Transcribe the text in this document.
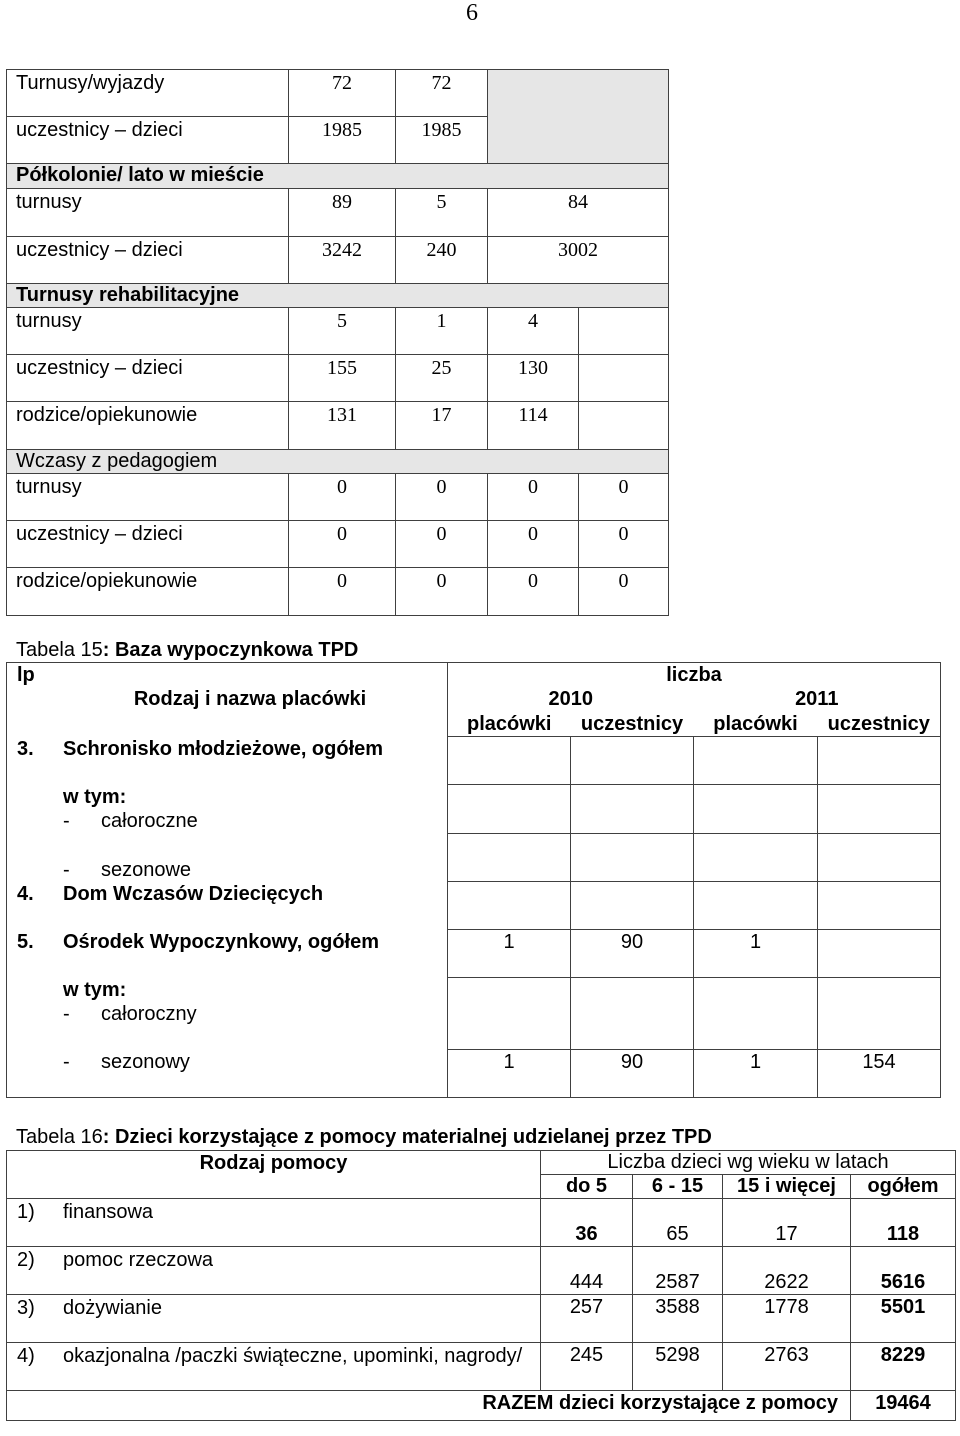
6
Turnusy/wyjazdy	72	72		
uczestnicy – dzieci	1985	1985		
Półkolonie/ lato w mieście				
turnusy	89	5	84	
uczestnicy – dzieci	3242	240	3002	
Turnusy rehabilitacyjne				
turnusy	5	1	4	
uczestnicy – dzieci	155	25	130	
rodzice/opiekunowie	131	17	114	
Wczasy z pedagogiem				
turnusy	0	0	0	0
uczestnicy – dzieci	0	0	0	0
rodzice/opiekunowie	0	0	0	0
Tabela 15: Baza wypoczynkowa TPD
lp
Rodzaj i nazwa placówki	liczba			
	2010		2011	
	placówki	uczestnicy	placówki	uczestnicy
3. Schronisko młodzieżowe, ogółem				

w tym:
- całoroczne				

- sezonowe				

4. Dom Wczasów Dziecięcych				
5. Ośrodek Wypoczynkowy, ogółem	1	90	1	

w tym:
- całoroczny				

- sezonowy	1	90	1	154
Tabela 16: Dzieci korzystające z pomocy materialnej udzielanej przez TPD
Rodzaj pomocy	Liczba dzieci wg wieku w latach			
	do 5	6 - 15	15 i więcej	ogółem
1) finansowa	36	65	17	118
2) pomoc rzeczowa	444	2587	2622	5616
3) dożywianie	257	3588	1778	5501
4) okazjonalna /paczki świąteczne, upominki, nagrody/	245	5298	2763	8229
RAZEM dzieci korzystające z pomocy				19464
